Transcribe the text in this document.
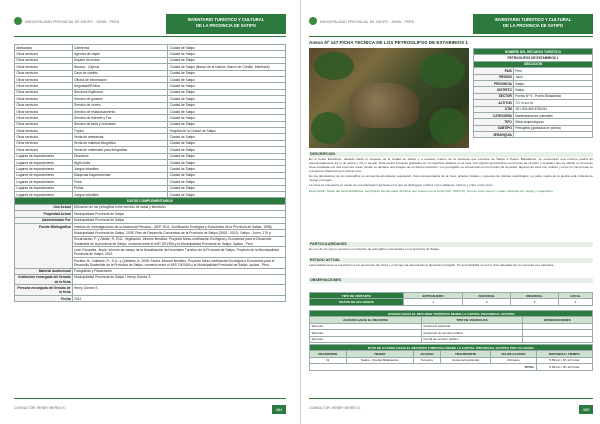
MUNICIPALIDAD PROVINCIAL DE SATIPO - JUNIN - PERU	INVENTARIO TURISTICO Y CULTURAL
DE LA PROVINCIA DE SATIPO
Artesanías	Cafeterías	Ciudad de Satipo
Otros servicios	Agencia de viajes	Ciudad de Satipo
Otros servicios	Alquiler de motos	Ciudad de Satipo
Otros servicios	Bancos - Cajeros	Ciudad de Satipo (Banco de la Nación, Banco de Crédito, Interbank)
Otros servicios	Casa de cambio	Ciudad de Satipo
Otros servicios	Oficina de información	Ciudad de Satipo
Otros servicios	Seguridad/Policía	Ciudad de Satipo
Otros servicios	Servicios higiénicos	Ciudad de Satipo
Otros servicios	Servicio de guiados	Ciudad de Satipo
Otros servicios	Servicio de correo	Ciudad de Satipo
Otros servicios	Servicio de estacionamiento	Ciudad de Satipo
Otros servicios	Servicio de Internet y Fax	Ciudad de Satipo
Otros servicios	Servicio de taxis y mototaxis	Ciudad de Satipo
Otros servicios	Tópico	Hospital de la Ciudad de Satipo
Otros servicios	Venta de artesanías	Ciudad de Satipo
Otros servicios	Venta de material fotográfico	Ciudad de Satipo
Otros servicios	Venta de materiales para fotografías	Ciudad de Satipo
Lugares de esparcimiento	Discoteca	Ciudad de Satipo
Lugares de esparcimiento	Night clubs	Ciudad de Satipo
Lugares de esparcimiento	Juegos infantiles	Ciudad de Satipo
Lugares de esparcimiento	Máquinas tragamonedas	Ciudad de Satipo
Lugares de esparcimiento	Pubs	Ciudad de Satipo
Lugares de esparcimiento	Peñas	Ciudad de Satipo
Lugares de esparcimiento	Juegos infantiles	Ciudad de Satipo
DATOS COMPLEMENTARIOS		
Uso Actual	Ubicación de los petroglifos entre servicio de salud y televisión	
Propiedad Actual	Municipalidad Provincial de Satipo	
Administrador Por	Municipalidad Provincial de Satipo	
Fuente Bibliográfica	Instituto de Investigaciones de la Amazonía Peruana - (IIEP. 2011. Zonificación Ecológica y Económica de la Provincia de Satipo, 1998).	
	Municipalidad Provincial de Satipo. 2008. Plan de Desarrollo Concertado de la Provincia de Satipo (2008 - 2021). Satipo - Junín, 176 p.	
	Encarnación, F. y Zárate, R. 2011. Vegetación, informe temático. Proyecto Meso-zonificación Ecológica y Económica para el Desarrollo Sostenible de la provincia de Satipo, convenio entre el IIAP, DEVIDA y la Municipalidad Provincial de Satipo, Iquitos - Perú.	
	Leon Gonzales, Jesús. Informe de campo de la Actualización del Inventario Turístico de la Provincia de Satipo. Proyecto de la Municipalidad Provincial de Satipo, 2012.	
	Pozella, M., Gallardo, R., S.A.; y Quillaves, A. 2008. Fauna, informe temático. Proyecto Meso-zonificación Ecológica y Económica para el Desarrollo Sostenible de la Provincia de Satipo, convenio entre el IIAP, DEVIDA y la Municipalidad Provincial de Satipo. Iquitos - Perú.	
Material Audiovisual	Fotografías y Filmaciones	
Institución encargada del llenado de la ficha	Municipalidad Provincial de Satipo / Henry Gómez S.	
Persona encargada del llenado de la ficha	Henry Gómez S.	
Fecha	2012	
CONSULTOR: HENRY MERES S.	484
MUNICIPALIDAD PROVINCIAL DE SATIPO - JUNIN - PERU	INVENTARIO TURISTICO Y CULTURAL
DE LA PROVINCIA DE SATIPO
Anexo Nº 147 FICHA TECNICA DE LOS PETROGLIFOS DE ESTABIRIOS 1
NOMBRE DEL RECURSO TURISTICO	
PETROGLIFOS DE ESTABIRIOS 1	
UBICACIÓN	
PAIS	Perú
REGION	Junín
PROVINCIA	Satipo
DISTRITO	Satipo
SECTOR	Pueblo Nº 9 - Puerto Bidadanido
ALTITUD	717 m.s.n.m.
UTM	18 L 534 683 8751044
CATEGORIA	Manifestaciones culturales
TIPO	Sitios arqueológicos
SUBTIPO	Petroglifos (grabados en piedra)
JERARQUIA	
DESCRIPCION

En el fundo Estabirios, ubicado hacia el noroeste de la ciudad de Satipo y a escasos metros de la carretera que conduce de Satipo a Puerto Bidadanido, se encuentran una enorme piedra de aproximadamente 12 m de ancho y 4,6 m de alto. Esta piedra presenta grabados en su superficie tallados en la roca. Son figuras geométricas con formas de círculos y espirales que se ubican en forma de línea ondulada con dos enormes rocas, donde se destaca una imagen de un diseño simétrico. Los petroglifos se encuentran en los bordes de la piedra, algunos de ellos son visibles y otros no; las formas se encuentran dispersos por toda la roca.

En los alrededores de los petroglifos se encuentra abundante vegetación, flora representativa de la zona, árboles frutales y especies de plantas medicinales. La parte media de la piedra está cubierta de musgo y hongos.

La zona se encuentra en medio de una plantación agrícola en la que se distinguen cultivos como plátanos, cítricos y maíz, entre otros.

Descripción: Datos del fundo Estabirios. Las figuras forman parte de tribus que vivieron en la zona (100 - 600 d.C). Son de color oscuro y están cubiertas por musgo y vegetación.

PARTICULARIDADES
Es uno de los pocos recursos con diseños de petroglifos encontrados en la provincia de Satipo.
ESTADO ACTUAL
Lamentablemente la exposición a los elementos del clima y el tiempo ha deteriorado la figura del petroglifo. Su accesibilidad no se ha visto afectada por su cercanía a la carretera.
OBSERVACIONES
TIPO DE VISITANTE	EXTRANJERO	NACIONAL	REGIONAL	LOCAL
GRADO DE AFLUENCIA	1	2	3	4
ACCESO HACIA EL RECURSO TURISTICO DESDE LA CAPITAL PROVINCIAL (SATIPO)		
ACCESO HACIA EL RECURSO	TIPO DE VEHICULOS	OBSERVACIONES
Terrestre	Automóvil particular	
Terrestre	Automóvil de servicio público	
Terrestre	Combi de servicio público	
RUTA DE ACCESO HACIA EL RECURSO TURISTICO DESDE LA CAPITAL PROVINCIAL (SATIPO) POR VIA AEREA					
RECORRIDO	TRAMO	ACCESO	TRANSPORTE	VIA DE ACCESO	DISTANCIA / TIEMPO
01	Satipo - Pueblo Bidadanido	Terrestre	Automóvil particular	Afirmado	5.89 km / 0h 12 horas
TOTAL					5.89 km / 0h 12 horas
CONSULTOR: HENRY MERES S.	485
